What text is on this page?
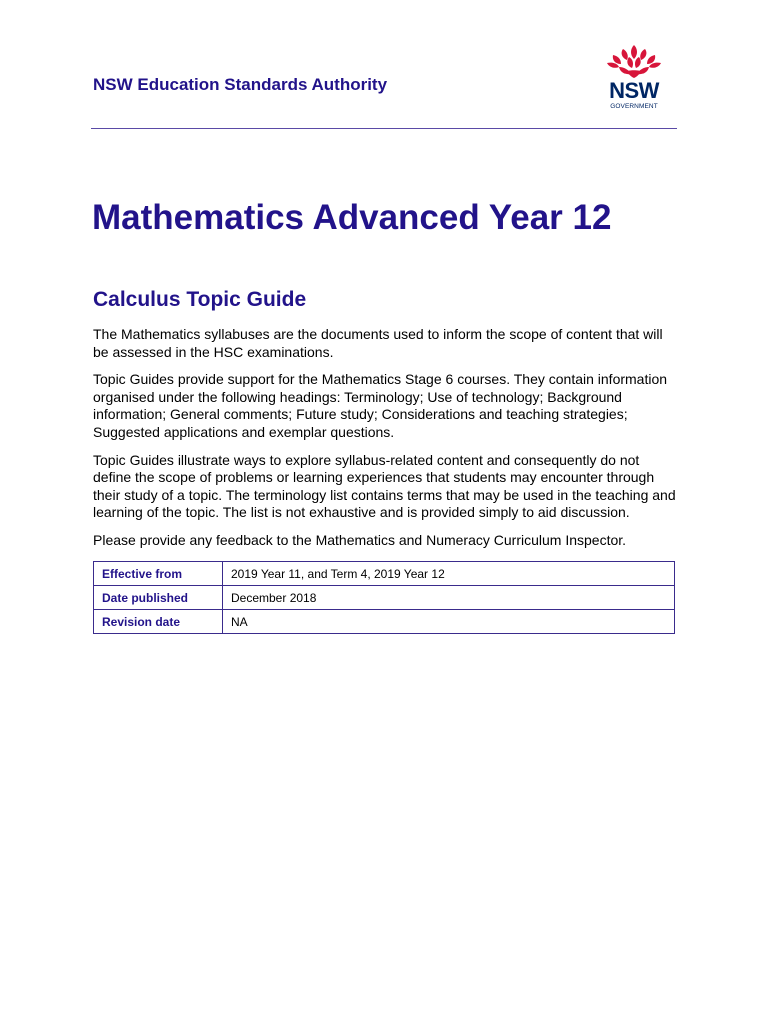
NSW Education Standards Authority	NSW
GOVERNMENT
Mathematics Advanced Year 12
Calculus Topic Guide

The Mathematics syllabuses are the documents used to inform the scope of content that will be assessed in the HSC examinations.

Topic Guides provide support for the Mathematics Stage 6 courses. They contain information organised under the following headings: Terminology; Use of technology; Background information; General comments; Future study; Considerations and teaching strategies; Suggested applications and exemplar questions.

Topic Guides illustrate ways to explore syllabus-related content and consequently do not define the scope of problems or learning experiences that students may encounter through their study of a topic. The terminology list contains terms that may be used in the teaching and learning of the topic. The list is not exhaustive and is provided simply to aid discussion.

Please provide any feedback to the Mathematics and Numeracy Curriculum Inspector.

Effective from	2019 Year 11, and Term 4, 2019 Year 12
Date published	December 2018
Revision date	NA
